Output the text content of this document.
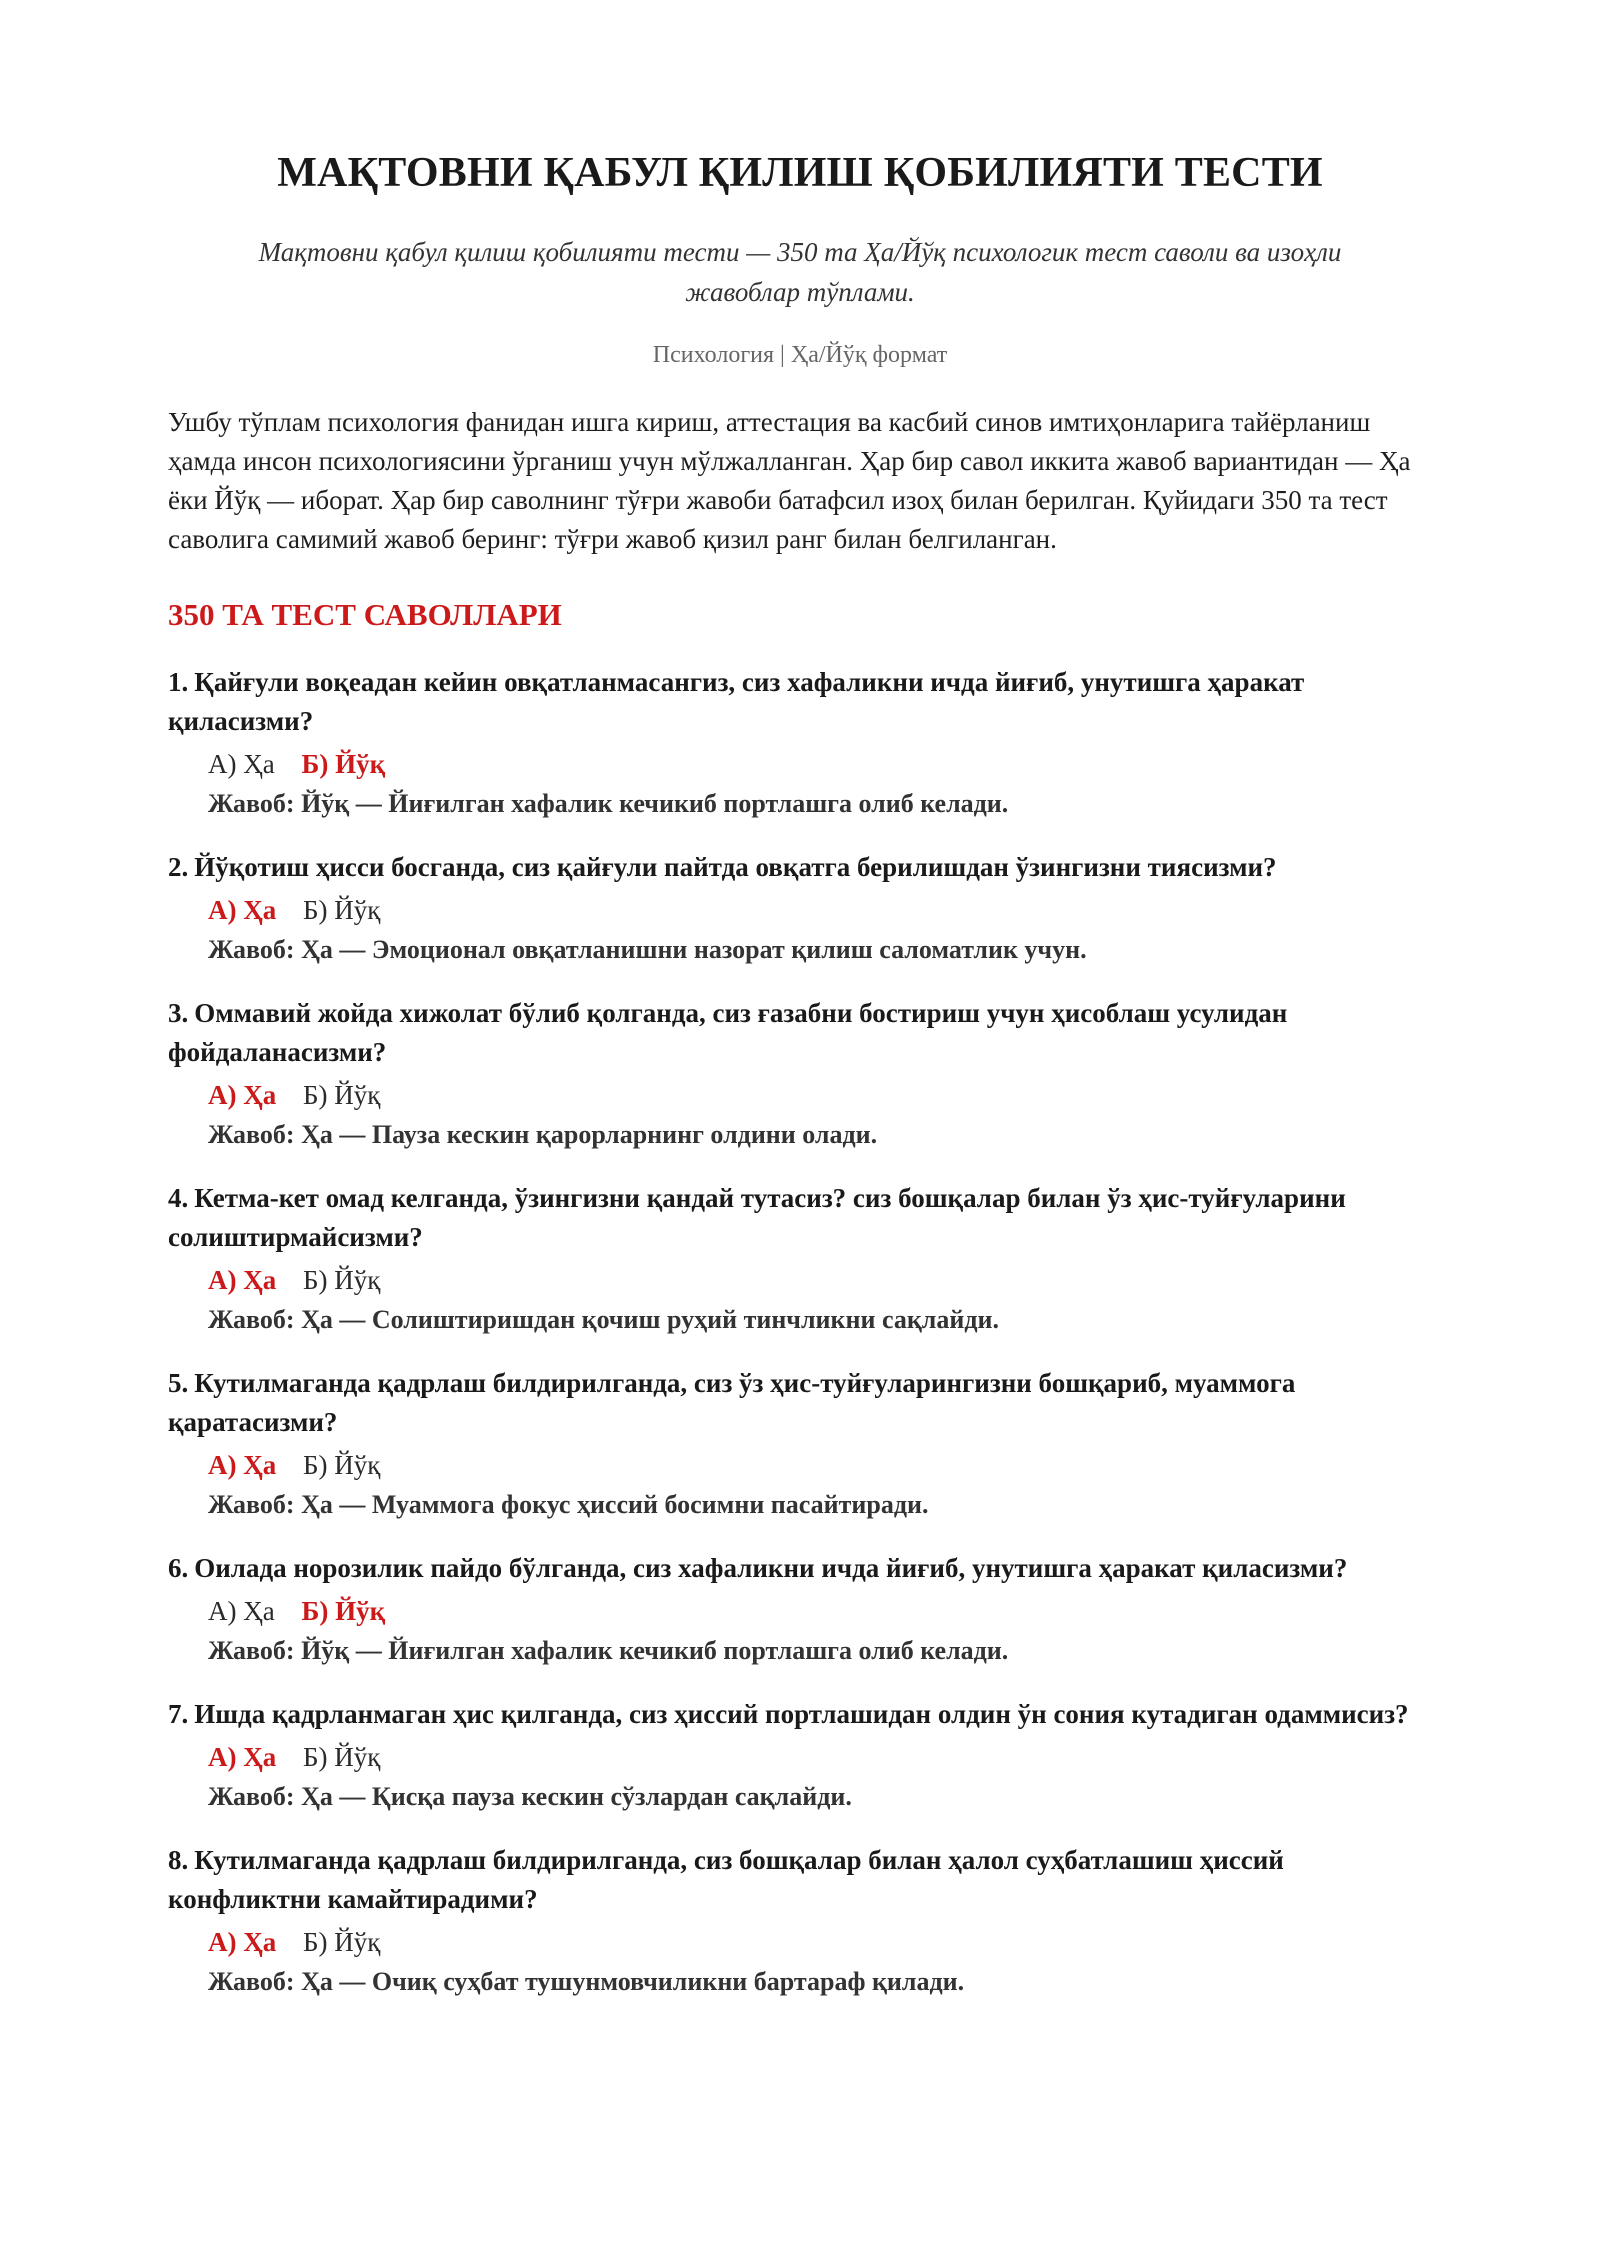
МАҚТОВНИ ҚАБУЛ ҚИЛИШ ҚОБИЛИЯТИ ТЕСТИ
Мақтовни қабул қилиш қобилияти тести — 350 та Ҳа/Йўқ психологик тест саволи ва изоҳли жавоблар тўплами.
Психология | Ҳа/Йўқ формат

Ушбу тўплам психология фанидан ишга кириш, аттестация ва касбий синов имтиҳонларига тайёрланиш ҳамда инсон психологиясини ўрганиш учун мўлжалланган. Ҳар бир савол иккита жавоб вариантидан — Ҳа ёки Йўқ — иборат. Ҳар бир саволнинг тўғри жавоби батафсил изоҳ билан берилган. Қуйидаги 350 та тест саволига самимий жавоб беринг: тўғри жавоб қизил ранг билан белгиланган.

350 ТА ТЕСТ САВОЛЛАРИ
1. Қайғули воқеадан кейин овқатланмасангиз, сиз хафаликни ичда йиғиб, унутишга ҳаракат қиласизми?
А) Ҳа Б) Йўқ
Жавоб: Йўқ — Йиғилган хафалик кечикиб портлашга олиб келади.
2. Йўқотиш ҳисси босганда, сиз қайғули пайтда овқатга берилишдан ўзингизни тиясизми?
А) Ҳа Б) Йўқ
Жавоб: Ҳа — Эмоционал овқатланишни назорат қилиш саломатлик учун.
3. Оммавий жойда хижолат бўлиб қолганда, сиз ғазабни бостириш учун ҳисоблаш усулидан фойдаланасизми?
А) Ҳа Б) Йўқ
Жавоб: Ҳа — Пауза кескин қарорларнинг олдини олади.
4. Кетма-кет омад келганда, ўзингизни қандай тутасиз? сиз бошқалар билан ўз ҳис-туйғуларини солиштирмайсизми?
А) Ҳа Б) Йўқ
Жавоб: Ҳа — Солиштиришдан қочиш руҳий тинчликни сақлайди.
5. Кутилмаганда қадрлаш билдирилганда, сиз ўз ҳис-туйғуларингизни бошқариб, муаммога қаратасизми?
А) Ҳа Б) Йўқ
Жавоб: Ҳа — Муаммога фокус ҳиссий босимни пасайтиради.
6. Оилада норозилик пайдо бўлганда, сиз хафаликни ичда йиғиб, унутишга ҳаракат қиласизми?
А) Ҳа Б) Йўқ
Жавоб: Йўқ — Йиғилган хафалик кечикиб портлашга олиб келади.
7. Ишда қадрланмаган ҳис қилганда, сиз ҳиссий портлашидан олдин ўн сония кутадиган одаммисиз?
А) Ҳа Б) Йўқ
Жавоб: Ҳа — Қисқа пауза кескин сўзлардан сақлайди.
8. Кутилмаганда қадрлаш билдирилганда, сиз бошқалар билан ҳалол суҳбатлашиш ҳиссий конфликтни камайтирадими?
А) Ҳа Б) Йўқ
Жавоб: Ҳа — Очиқ суҳбат тушунмовчиликни бартараф қилади.
